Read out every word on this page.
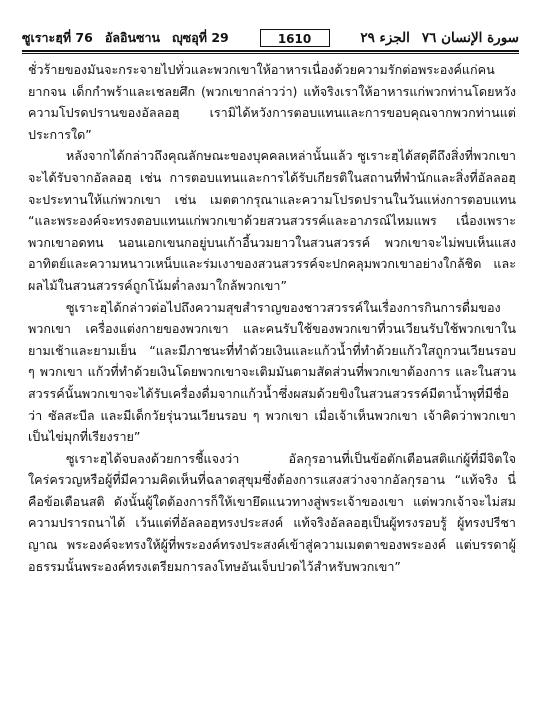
ซูเราะฮฺที่ 76 อัลอินซาน ญุซอุที่ 29	1610	الجزء ٢٩ سورة الإنسان ٧٦

ชั่วร้ายของมันจะกระจายไปทั่วและพวกเขาให้อาหารเนื่องด้วยความรักต่อพระองค์แก่คนยากจน เด็กกำพร้าและเชลยศึก (พวกเขากล่าวว่า) แท้จริงเราให้อาหารแก่พวกท่านโดยหวังความโปรดปรานของอัลลอฮฺ เรามิได้หวังการตอบแทนและการขอบคุณจากพวกท่านแต่ประการใด”

หลังจากได้กล่าวถึงคุณลักษณะของบุคคลเหล่านั้นแล้ว ซูเราะฮฺได้สดุดีถึงสิ่งที่พวกเขาจะได้รับจากอัลลอฮฺ เช่น การตอบแทนและการได้รับเกียรติในสถานที่พำนักและสิ่งที่อัลลอฮฺจะประทานให้แก่พวกเขา เช่น เมตตากรุณาและความโปรดปรานในวันแห่งการตอบแทน “และพระองค์จะทรงตอบแทนแก่พวกเขาด้วยสวนสวรรค์และอาภรณ์ไหมแพร เนื่องเพราะพวกเขาอดทน นอนเอกเขนกอยู่บนเก้าอี้นวมยาวในสวนสวรรค์ พวกเขาจะไม่พบเห็นแสงอาทิตย์และความหนาวเหน็บและร่มเงาของสวนสวรรค์จะปกคลุมพวกเขาอย่างใกล้ชิด และผลไม้ในสวนสวรรค์ถูกโน้มต่ำลงมาใกล้พวกเขา”

ซูเราะฮฺได้กล่าวต่อไปถึงความสุขสำราญของชาวสวรรค์ในเรื่องการกินการดื่มของพวกเขา เครื่องแต่งกายของพวกเขา และคนรับใช้ของพวกเขาที่วนเวียนรับใช้พวกเขาในยามเช้าและยามเย็น “และมีภาชนะที่ทำด้วยเงินและแก้วน้ำที่ทำด้วยแก้วใสถูกวนเวียนรอบ ๆ พวกเขา แก้วที่ทำด้วยเงินโดยพวกเขาจะเติมมันตามสัดส่วนที่พวกเขาต้องการ และในสวนสวรรค์นั้นพวกเขาจะได้รับเครื่องดื่มจากแก้วน้ำซึ่งผสมด้วยขิงในสวนสวรรค์มีตาน้ำพุที่มีชื่อว่า ซัลสะบีล และมีเด็กวัยรุ่นวนเวียนรอบ ๆ พวกเขา เมื่อเจ้าเห็นพวกเขา เจ้าคิดว่าพวกเขาเป็นไข่มุกที่เรียงราย”

ซูเราะฮฺได้จบลงด้วยการชี้แจงว่า อัลกุรอานที่เป็นข้อตักเตือนสติแก่ผู้ที่มีจิตใจใคร่ครวญหรือผู้ที่มีความคิดเห็นที่ฉลาดสุขุมซึ่งต้องการแสงสว่างจากอัลกุรอาน “แท้จริง นี่คือข้อเตือนสติ ดังนั้นผู้ใดต้องการก็ให้เขายึดแนวทางสู่พระเจ้าของเขา แต่พวกเจ้าจะไม่สมความปรารถนาได้ เว้นแต่ที่อัลลอฮฺทรงประสงค์ แท้จริงอัลลอฮฺเป็นผู้ทรงรอบรู้ ผู้ทรงปรีชาญาณ พระองค์จะทรงให้ผู้ที่พระองค์ทรงประสงค์เข้าสู่ความเมตตาของพระองค์ แต่บรรดาผู้อธรรมนั้นพระองค์ทรงเตรียมการลงโทษอันเจ็บปวดไว้สำหรับพวกเขา”
